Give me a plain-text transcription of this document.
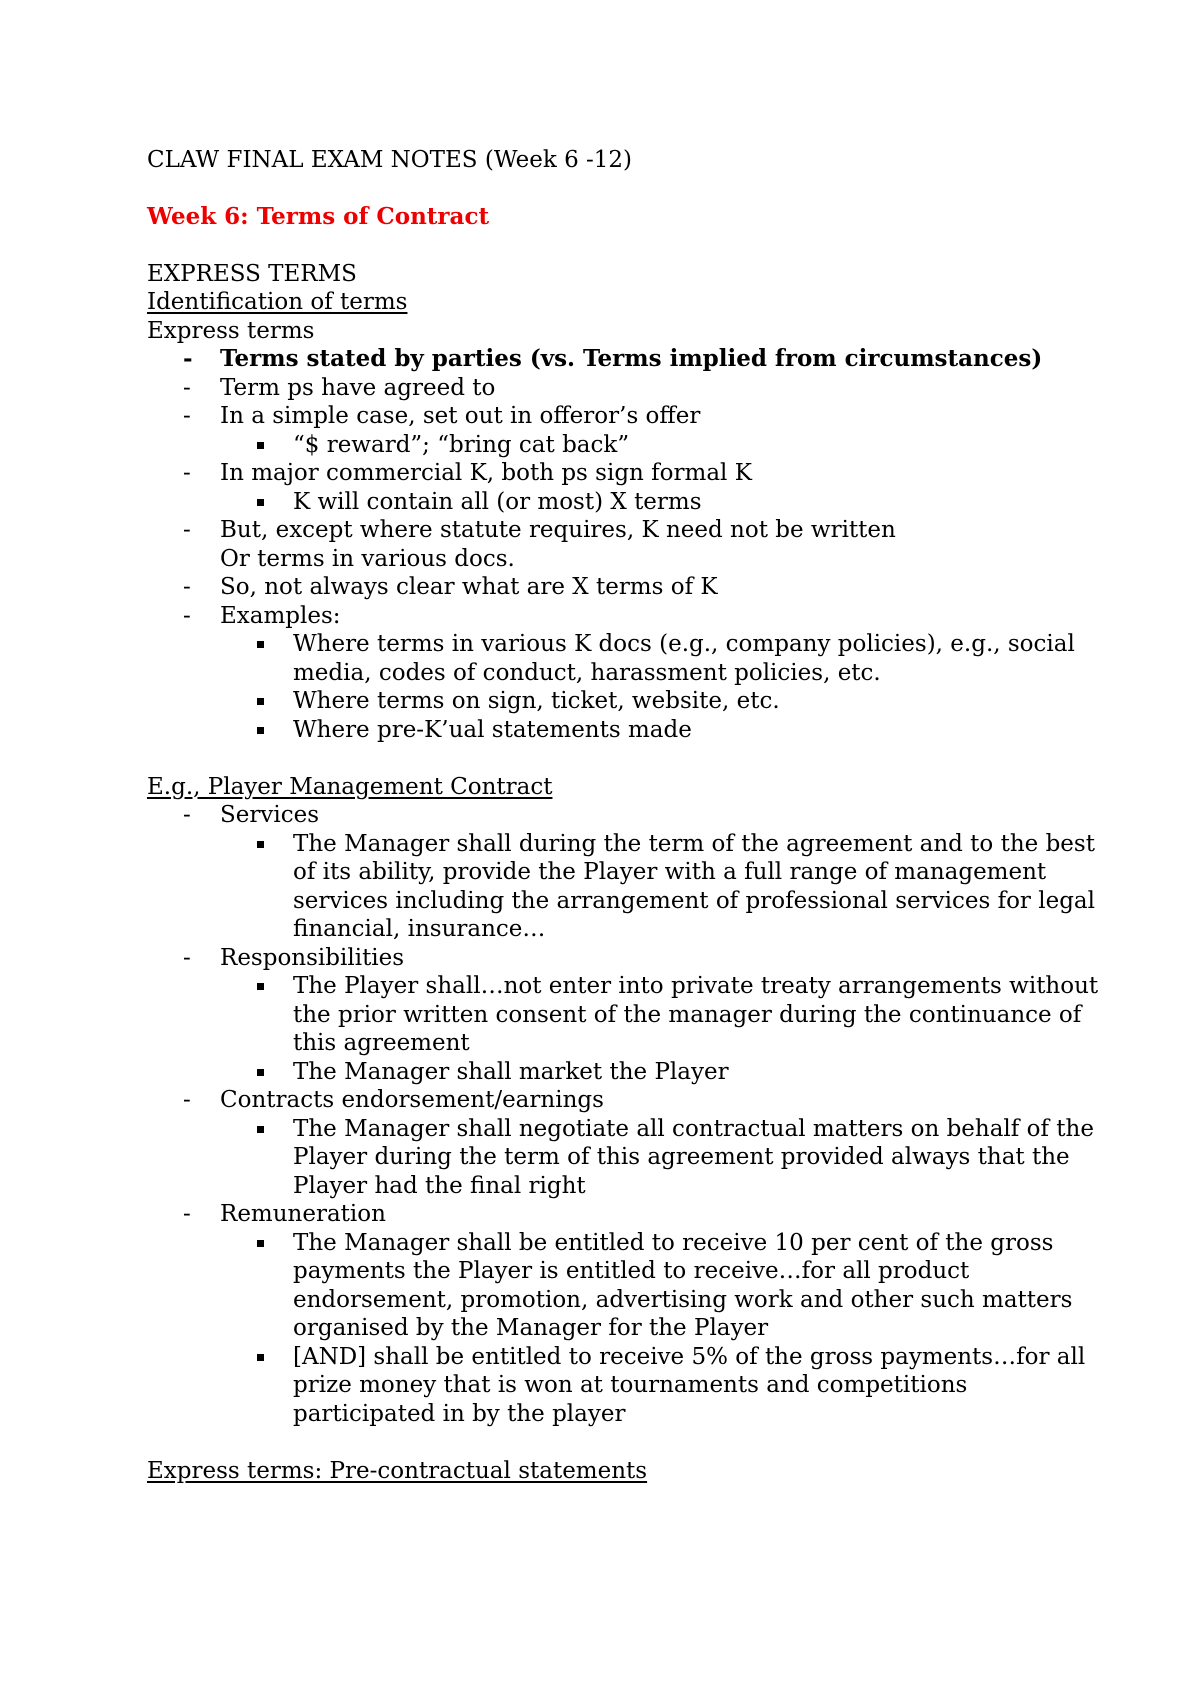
CLAW FINAL EXAM NOTES (Week 6 -12)

Week 6: Terms of Contract

EXPRESS TERMS

Identification of terms

Express terms

- Terms stated by parties (vs. Terms implied from circumstances)
- Term ps have agreed to
- In a simple case, set out in offeror’s offer
“$ reward”; “bring cat back”
- In major commercial K, both ps sign formal K
K will contain all (or most) X terms
- But, except where statute requires, K need not be written
Or terms in various docs.
- So, not always clear what are X terms of K
- Examples:
Where terms in various K docs (e.g., company policies), e.g., social media, codes of conduct, harassment policies, etc.
Where terms on sign, ticket, website, etc.
Where pre-K’ual statements made

E.g., Player Management Contract

- Services
The Manager shall during the term of the agreement and to the best of its ability, provide the Player with a full range of management services including the arrangement of professional services for legal financial, insurance…
- Responsibilities
The Player shall…not enter into private treaty arrangements without the prior written consent of the manager during the continuance of this agreement
The Manager shall market the Player
- Contracts endorsement/earnings
The Manager shall negotiate all contractual matters on behalf of the Player during the term of this agreement provided always that the Player had the final right
- Remuneration
The Manager shall be entitled to receive 10 per cent of the gross payments the Player is entitled to receive…for all product endorsement, promotion, advertising work and other such matters organised by the Manager for the Player
[AND] shall be entitled to receive 5% of the gross payments…for all prize money that is won at tournaments and competitions participated in by the player

Express terms: Pre-contractual statements
